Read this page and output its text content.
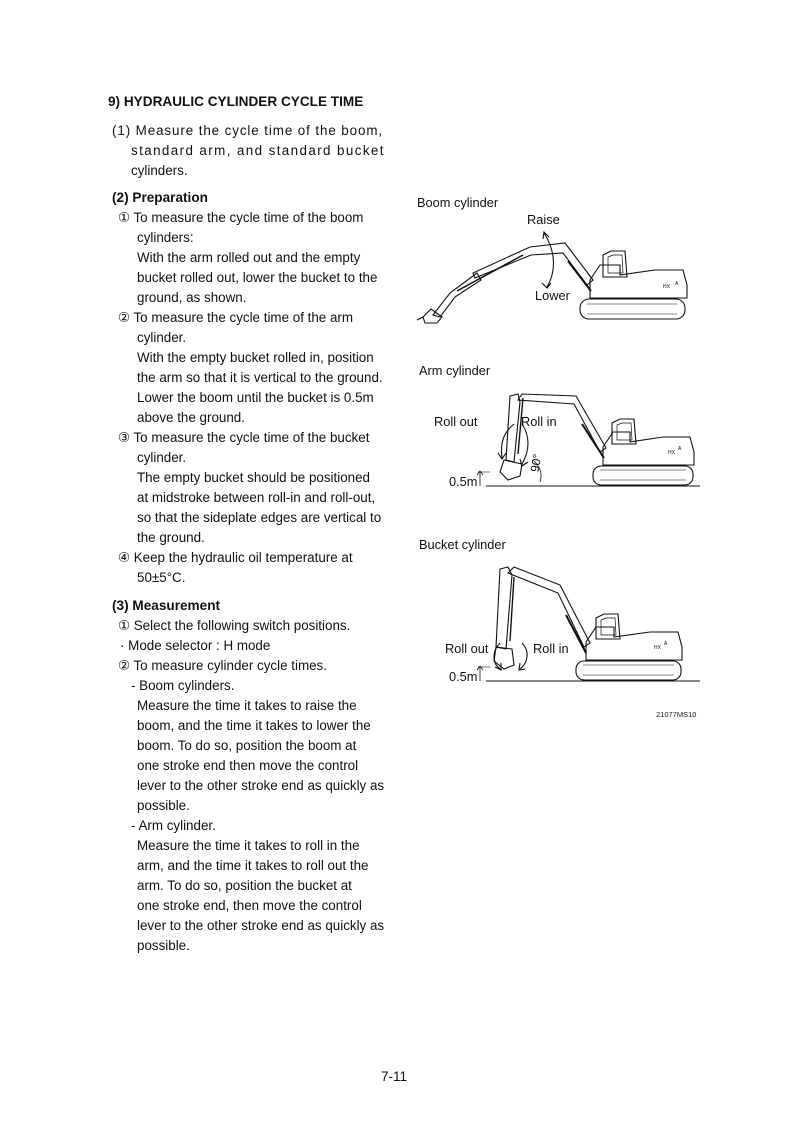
9) HYDRAULIC CYLINDER CYCLE TIME
(1) Measure the cycle time of the boom,
standard arm, and standard bucket
cylinders.
(2) Preparation
① To measure the cycle time of the boom
cylinders:
With the arm rolled out and the empty
bucket rolled out, lower the bucket to the
ground, as shown.
② To measure the cycle time of the arm
cylinder.
With the empty bucket rolled in, position
the arm so that it is vertical to the ground.
Lower the boom until the bucket is 0.5m
above the ground.
③ To measure the cycle time of the bucket
cylinder.
The empty bucket should be positioned
at midstroke between roll-in and roll-out,
so that the sideplate edges are vertical to
the ground.
④ Keep the hydraulic oil temperature at
50±5°C.
(3) Measurement
① Select the following switch positions.
· Mode selector : H mode
② To measure cylinder cycle times.
- Boom cylinders.
Measure the time it takes to raise the
boom, and the time it takes to lower the
boom. To do so, position the boom at
one stroke end then move the control
lever to the other stroke end as quickly as
possible.
- Arm cylinder.
Measure the time it takes to roll in the
arm, and the time it takes to roll out the
arm. To do so, position the bucket at
one stroke end, then move the control
lever to the other stroke end as quickly as
possible.
Boom cylinder
Raise
Lower
HX A
Arm cylinder
Roll out	Roll in
0.5m
90°	HX
A
Bucket cylinder
Roll out	Roll in
0.5m
HX
A
21077MS10
7-11
